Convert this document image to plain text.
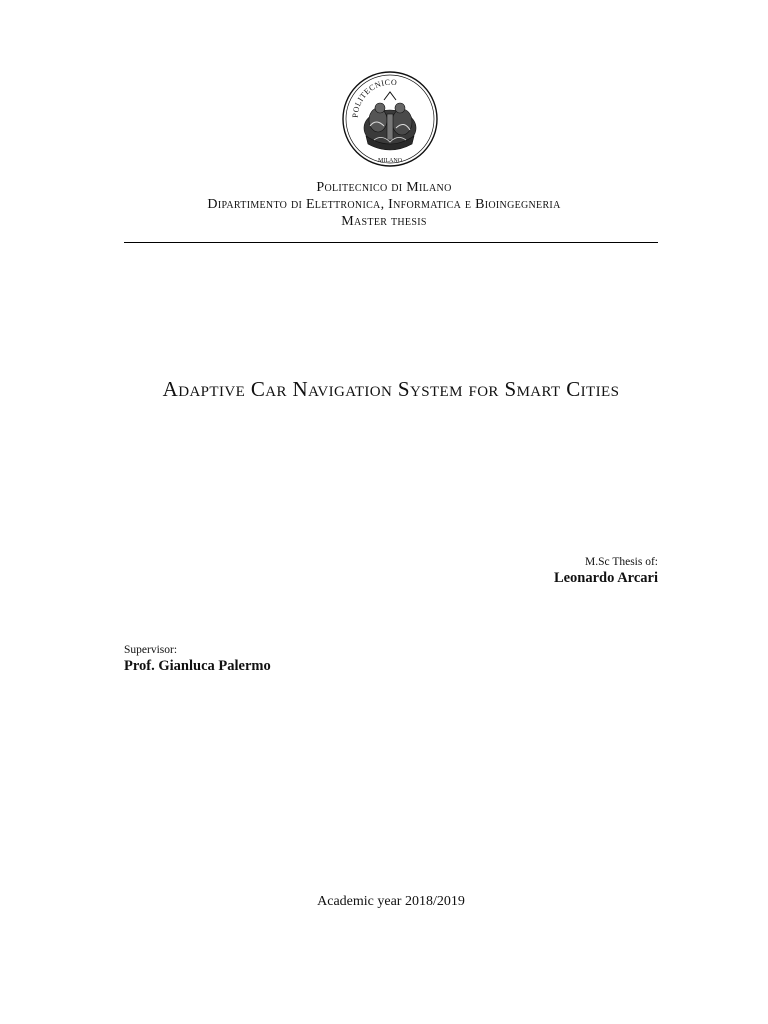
POLITECNICO
MILANO
Politecnico di Milano
Dipartimento di Elettronica, Informatica e Bioingegneria
Master thesis
Adaptive Car Navigation System for Smart Cities
M.Sc Thesis of:
Leonardo Arcari
Supervisor:
Prof. Gianluca Palermo
Academic year 2018/2019
